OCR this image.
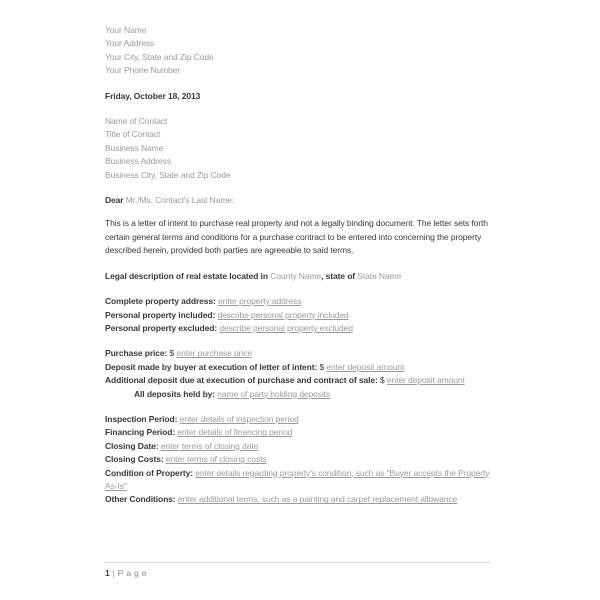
Your Name
Your Address
Your City, State and Zip Code
Your Phone Number
Friday, October 18, 2013
Name of Contact
Title of Contact
Business Name
Business Address
Business City, State and Zip Code
Dear Mr./Ms. Contact's Last Name:
This is a letter of intent to purchase real property and not a legally binding document. The letter sets forth certain general terms and conditions for a purchase contract to be entered into concerning the property described herein, provided both parties are agreeable to said terms.
Legal description of real estate located in County Name, state of State Name
Complete property address: enter property address
Personal property included: describe personal property included
Personal property excluded: describe personal property excluded
Purchase price: $ enter purchase price
Deposit made by buyer at execution of letter of intent: $ enter deposit amount
Additional deposit due at execution of purchase and contract of sale: $ enter deposit amount
All deposits held by: name of party holding deposits
Inspection Period: enter details of inspection period
Financing Period: enter details of financing period
Closing Date: enter terms of closing date
Closing Costs: enter terms of closing costs
Condition of Property: enter details regarding property's condition, such as "Buyer accepts the Property As-Is"
Other Conditions: enter additional terms, such as a painting and carpet replacement allowance
1 | Page
